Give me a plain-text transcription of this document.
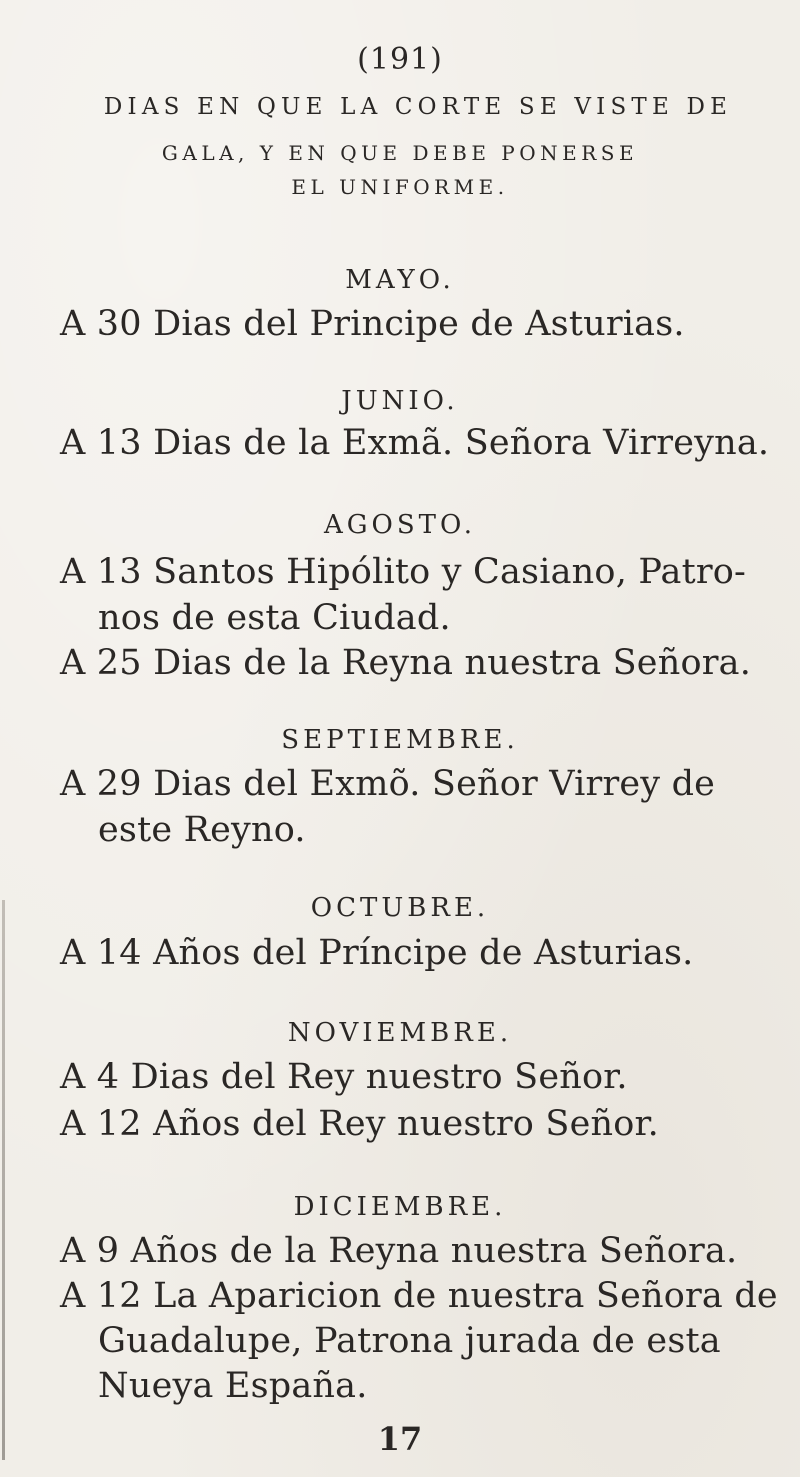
(191)
DIAS EN QUE LA CORTE SE VISTE DE
GALA, Y EN QUE DEBE PONERSE
EL UNIFORME.
MAYO.
A 30 Dias del Principe de Asturias.
JUNIO.
A 13 Dias de la Exmã. Señora Virreyna.
AGOSTO.
A 13 Santos Hipólito y Casiano, Patro-
nos de esta Ciudad.
A 25 Dias de la Reyna nuestra Señora.
SEPTIEMBRE.
A 29 Dias del Exmõ. Señor Virrey de
este Reyno.
OCTUBRE.
A 14 Años del Príncipe de Asturias.
NOVIEMBRE.
A 4 Dias del Rey nuestro Señor.
A 12 Años del Rey nuestro Señor.
DICIEMBRE.
A 9 Años de la Reyna nuestra Señora.
A 12 La Aparicion de nuestra Señora de
Guadalupe, Patrona jurada de esta
Nueya España.
17
